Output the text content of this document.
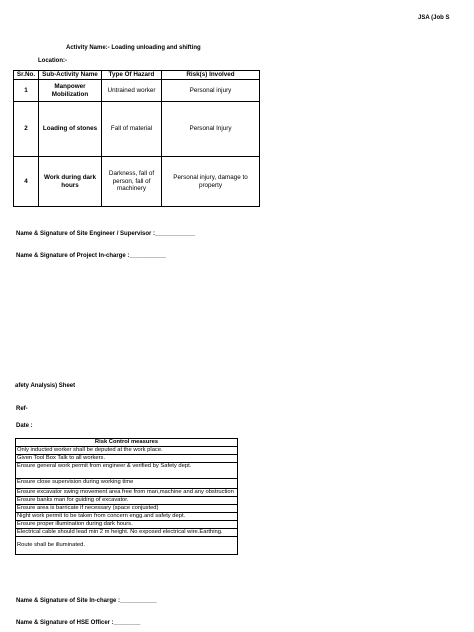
JSA (Job S
Activity Name:- Loading unloading and shifting
Location:-
Sr.No.	Sub-Activity Name	Type Of Hazard	Risk(s) Involved
1	Manpower Mobilization	Untrained worker	Personal injury
2	Loading of stones	Fall of material	Personal Injury
4	Work during dark hours	Darkness, fall of person, fall of machinery	Personal injury, damage to property
Name & Signature of Site Engineer / Supervisor :____________
Name & Signature of Project In-charge :___________
afety Analysis) Sheet
Ref-
Date :
Risk Control measures
Only inducted worker shall be deputed at the work place.
Given Tool Box Talk to all workers.
Ensure general work permit from engineer & verified by Safety dept.
Ensure close supervision during working time
Ensure excavator swing movement area free from man,machine and any obstruction
Ensure banks man for guiding of excavator.
Ensure area is barricate if necessary (space conjusted)
Night work permit to be taken from concern engg.and safety dept.
Ensure proper illumination during dark hours.
Electrical cable should lead min 2 m height. No exposed electrical wire.Earthing.
Route shall be illuminated.
Name & Signature of Site In-charge :___________
Name & Signature of HSE Officer :________
